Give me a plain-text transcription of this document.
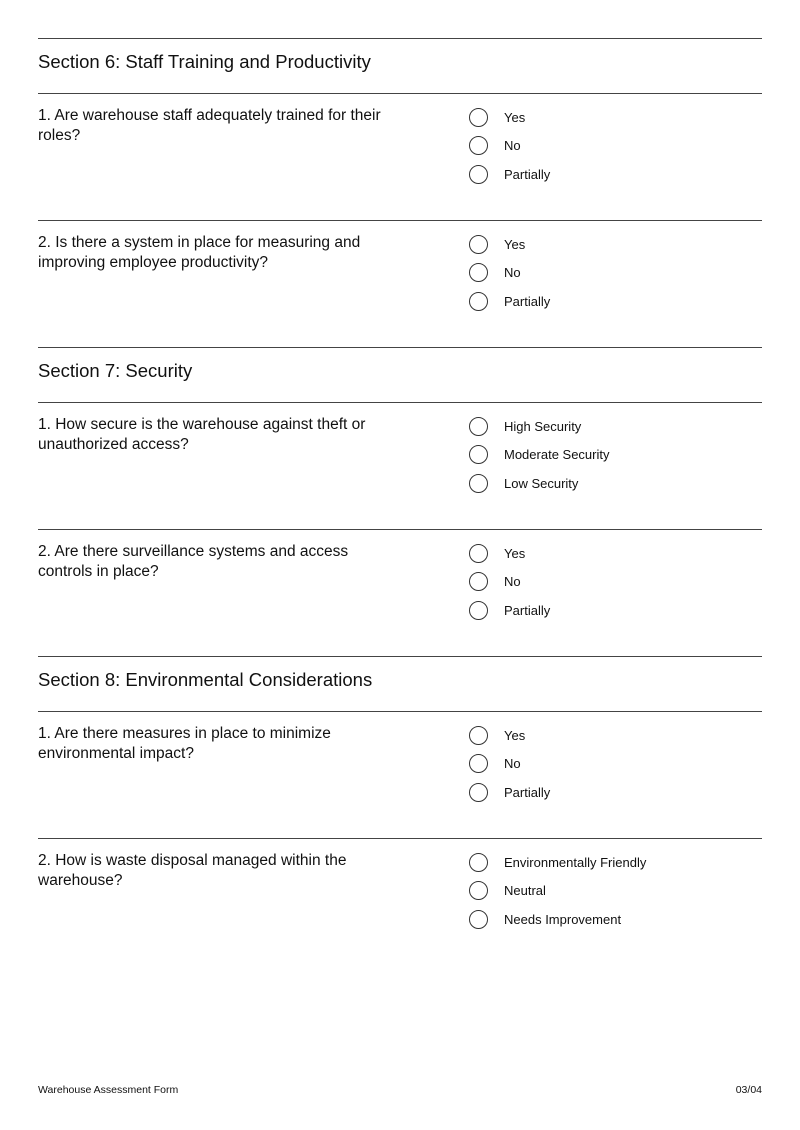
Section 6: Staff Training and Productivity
1. Are warehouse staff adequately trained for their roles?
Yes
No
Partially
2. Is there a system in place for measuring and improving employee productivity?
Yes
No
Partially
Section 7: Security
1. How secure is the warehouse against theft or unauthorized access?
High Security
Moderate Security
Low Security
2. Are there surveillance systems and access controls in place?
Yes
No
Partially
Section 8: Environmental Considerations
1. Are there measures in place to minimize environmental impact?
Yes
No
Partially
2. How is waste disposal managed within the warehouse?
Environmentally Friendly
Neutral
Needs Improvement
Warehouse Assessment Form	03/04
